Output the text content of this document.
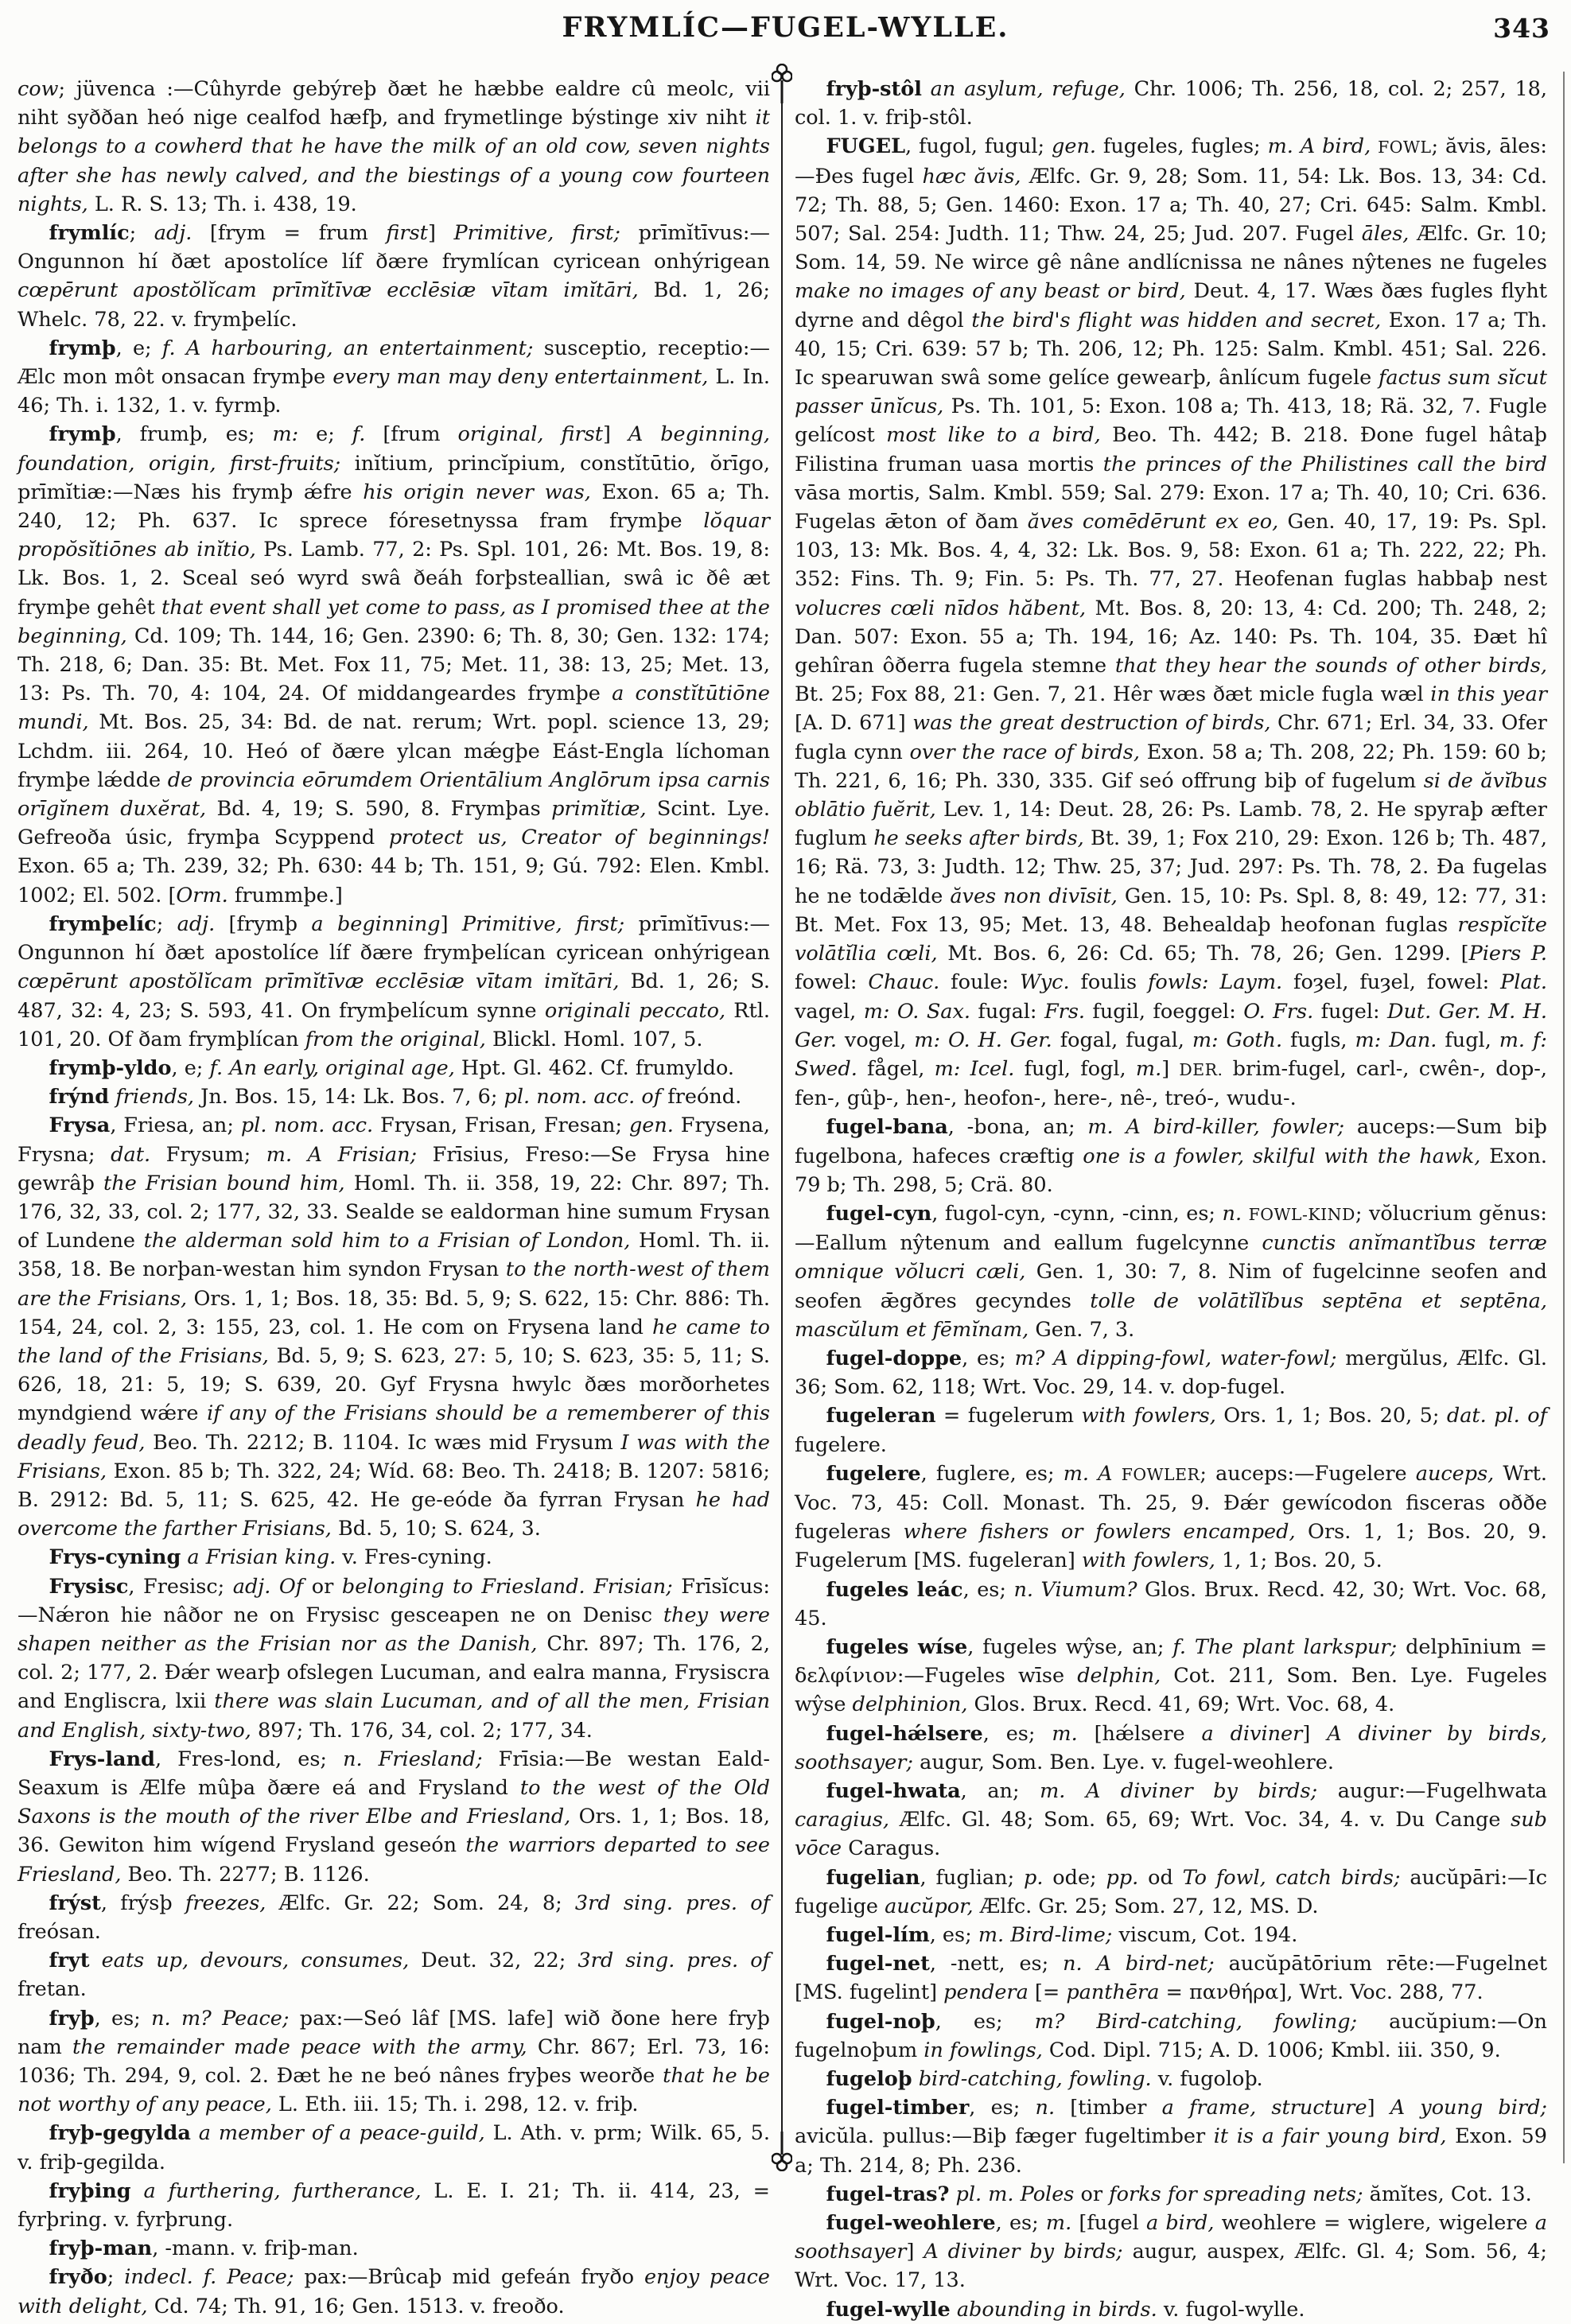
FRYMLÍC—FUGEL-WYLLE.	343

cow; jüvenca :—Cûhyrde gebýreþ ðæt he hæbbe ealdre cû meolc, vii niht syððan heó nige cealfod hæfþ, and frymetlinge býstinge xiv niht it belongs to a cowherd that he have the milk of an old cow, seven nights after she has newly calved, and the biestings of a young cow fourteen nights, L. R. S. 13; Th. i. 438, 19.

frymlíc; adj. [frym = frum first] Primitive, first; prīmĭtīvus:—Ongunnon hí ðæt apostolíce líf ðære frymlícan cyricean onhýrigean cœpērunt apostŏlĭcam prīmĭtīvæ ecclēsiæ vītam imĭtāri, Bd. 1, 26; Whelc. 78, 22. v. frymþelíc.

frymþ, e; f. A harbouring, an entertainment; susceptio, receptio:—Ælc mon môt onsacan frymþe every man may deny entertainment, L. In. 46; Th. i. 132, 1. v. fyrmþ.

frymþ, frumþ, es; m: e; f. [frum original, first] A beginning, foundation, origin, first-fruits; inĭtium, princĭpium, constĭtūtio, ŏrīgo, prīmĭtiæ:—Næs his frymþ ǽfre his origin never was, Exon. 65 a; Th. 240, 12; Ph. 637. Ic sprece fóresetnyssa fram frymþe lŏquar propŏsĭtiōnes ab inĭtio, Ps. Lamb. 77, 2: Ps. Spl. 101, 26: Mt. Bos. 19, 8: Lk. Bos. 1, 2. Sceal seó wyrd swâ ðeáh forþsteallian, swâ ic ðê æt frymþe gehêt that event shall yet come to pass, as I promised thee at the beginning, Cd. 109; Th. 144, 16; Gen. 2390: 6; Th. 8, 30; Gen. 132: 174; Th. 218, 6; Dan. 35: Bt. Met. Fox 11, 75; Met. 11, 38: 13, 25; Met. 13, 13: Ps. Th. 70, 4: 104, 24. Of middangeardes frymþe a constĭtūtiōne mundi, Mt. Bos. 25, 34: Bd. de nat. rerum; Wrt. popl. science 13, 29; Lchdm. iii. 264, 10. Heó of ðære ylcan mǽgþe Eást-Engla líchoman frymþe lǽdde de provincia eōrumdem Orientālium Anglōrum ipsa carnis orīgĭnem duxĕrat, Bd. 4, 19; S. 590, 8. Frymþas primĭtiæ, Scint. Lye. Gefreoða úsic, frymþa Scyppend protect us, Creator of beginnings! Exon. 65 a; Th. 239, 32; Ph. 630: 44 b; Th. 151, 9; Gú. 792: Elen. Kmbl. 1002; El. 502. [Orm. frummþe.]

frymþelíc; adj. [frymþ a beginning] Primitive, first; prīmĭtīvus:—Ongunnon hí ðæt apostolíce líf ðære frymþelícan cyricean onhýrigean cœpērunt apostŏlĭcam prīmĭtīvæ ecclēsiæ vītam imĭtāri, Bd. 1, 26; S. 487, 32: 4, 23; S. 593, 41. On frymþelícum synne originali peccato, Rtl. 101, 20. Of ðam frymþlícan from the original, Blickl. Homl. 107, 5.

frymþ-yldo, e; f. An early, original age, Hpt. Gl. 462. Cf. frumyldo.

frýnd friends, Jn. Bos. 15, 14: Lk. Bos. 7, 6; pl. nom. acc. of freónd.

Frysa, Friesa, an; pl. nom. acc. Frysan, Frisan, Fresan; gen. Frysena, Frysna; dat. Frysum; m. A Frisian; Frīsius, Freso:—Se Frysa hine gewrâþ the Frisian bound him, Homl. Th. ii. 358, 19, 22: Chr. 897; Th. 176, 32, 33, col. 2; 177, 32, 33. Sealde se ealdorman hine sumum Frysan of Lundene the alderman sold him to a Frisian of London, Homl. Th. ii. 358, 18. Be norþan-westan him syndon Frysan to the north-west of them are the Frisians, Ors. 1, 1; Bos. 18, 35: Bd. 5, 9; S. 622, 15: Chr. 886: Th. 154, 24, col. 2, 3: 155, 23, col. 1. He com on Frysena land he came to the land of the Frisians, Bd. 5, 9; S. 623, 27: 5, 10; S. 623, 35: 5, 11; S. 626, 18, 21: 5, 19; S. 639, 20. Gyf Frysna hwylc ðæs morðorhetes myndgiend wǽre if any of the Frisians should be a rememberer of this deadly feud, Beo. Th. 2212; B. 1104. Ic wæs mid Frysum I was with the Frisians, Exon. 85 b; Th. 322, 24; Wíd. 68: Beo. Th. 2418; B. 1207: 5816; B. 2912: Bd. 5, 11; S. 625, 42. He ge-eóde ða fyrran Frysan he had overcome the farther Frisians, Bd. 5, 10; S. 624, 3.

Frys-cyning a Frisian king. v. Fres-cyning.

Frysisc, Fresisc; adj. Of or belonging to Friesland. Frisian; Frīsĭcus:—Nǽron hie nâðor ne on Frysisc gesceapen ne on Denisc they were shapen neither as the Frisian nor as the Danish, Chr. 897; Th. 176, 2, col. 2; 177, 2. Ðǽr wearþ ofslegen Lucuman, and ealra manna, Frysiscra and Engliscra, lxii there was slain Lucuman, and of all the men, Frisian and English, sixty-two, 897; Th. 176, 34, col. 2; 177, 34.

Frys-land, Fres-lond, es; n. Friesland; Frīsia:—Be westan Eald-Seaxum is Ælfe mûþa ðære eá and Frysland to the west of the Old Saxons is the mouth of the river Elbe and Friesland, Ors. 1, 1; Bos. 18, 36. Gewiton him wígend Frysland geseón the warriors departed to see Friesland, Beo. Th. 2277; B. 1126.

frýst, frýsþ freezes, Ælfc. Gr. 22; Som. 24, 8; 3rd sing. pres. of freósan.

fryt eats up, devours, consumes, Deut. 32, 22; 3rd sing. pres. of fretan.

fryþ, es; n. m? Peace; pax:—Seó lâf [MS. lafe] wið ðone here fryþ nam the remainder made peace with the army, Chr. 867; Erl. 73, 16: 1036; Th. 294, 9, col. 2. Ðæt he ne beó nânes fryþes weorðe that he be not worthy of any peace, L. Eth. iii. 15; Th. i. 298, 12. v. friþ.

fryþ-gegylda a member of a peace-guild, L. Ath. v. prm; Wilk. 65, 5. v. friþ-gegilda.

fryþing a furthering, furtherance, L. E. I. 21; Th. ii. 414, 23, = fyrþring. v. fyrþrung.

fryþ-man, -mann. v. friþ-man.

fryðo; indecl. f. Peace; pax:—Brûcaþ mid gefeán fryðo enjoy peace with delight, Cd. 74; Th. 91, 16; Gen. 1513. v. freoðo.

fryþ-stôl an asylum, refuge, Chr. 1006; Th. 256, 18, col. 2; 257, 18, col. 1. v. friþ-stôl.

FUGEL, fugol, fugul; gen. fugeles, fugles; m. A bird, FOWL; ăvis, āles:—Ðes fugel hæc ăvis, Ælfc. Gr. 9, 28; Som. 11, 54: Lk. Bos. 13, 34: Cd. 72; Th. 88, 5; Gen. 1460: Exon. 17 a; Th. 40, 27; Cri. 645: Salm. Kmbl. 507; Sal. 254: Judth. 11; Thw. 24, 25; Jud. 207. Fugel āles, Ælfc. Gr. 10; Som. 14, 59. Ne wirce gê nâne andlícnissa ne nânes nŷtenes ne fugeles make no images of any beast or bird, Deut. 4, 17. Wæs ðæs fugles flyht dyrne and dêgol the bird's flight was hidden and secret, Exon. 17 a; Th. 40, 15; Cri. 639: 57 b; Th. 206, 12; Ph. 125: Salm. Kmbl. 451; Sal. 226. Ic spearuwan swâ some gelíce gewearþ, ânlícum fugele factus sum sĭcut passer ūnĭcus, Ps. Th. 101, 5: Exon. 108 a; Th. 413, 18; Rä. 32, 7. Fugle gelícost most like to a bird, Beo. Th. 442; B. 218. Ðone fugel hâtaþ Filistina fruman uasa mortis the princes of the Philistines call the bird vāsa mortis, Salm. Kmbl. 559; Sal. 279: Exon. 17 a; Th. 40, 10; Cri. 636. Fugelas ǣton of ðam ăves comēdērunt ex eo, Gen. 40, 17, 19: Ps. Spl. 103, 13: Mk. Bos. 4, 4, 32: Lk. Bos. 9, 58: Exon. 61 a; Th. 222, 22; Ph. 352: Fins. Th. 9; Fin. 5: Ps. Th. 77, 27. Heofenan fuglas habbaþ nest volucres cœli nīdos hăbent, Mt. Bos. 8, 20: 13, 4: Cd. 200; Th. 248, 2; Dan. 507: Exon. 55 a; Th. 194, 16; Az. 140: Ps. Th. 104, 35. Ðæt hî gehîran ôðerra fugela stemne that they hear the sounds of other birds, Bt. 25; Fox 88, 21: Gen. 7, 21. Hêr wæs ðæt micle fugla wæl in this year [A. D. 671] was the great destruction of birds, Chr. 671; Erl. 34, 33. Ofer fugla cynn over the race of birds, Exon. 58 a; Th. 208, 22; Ph. 159: 60 b; Th. 221, 6, 16; Ph. 330, 335. Gif seó offrung biþ of fugelum si de ăvĭbus oblātio fuĕrit, Lev. 1, 14: Deut. 28, 26: Ps. Lamb. 78, 2. He spyraþ æfter fuglum he seeks after birds, Bt. 39, 1; Fox 210, 29: Exon. 126 b; Th. 487, 16; Rä. 73, 3: Judth. 12; Thw. 25, 37; Jud. 297: Ps. Th. 78, 2. Ða fugelas he ne todǣlde ăves non divīsit, Gen. 15, 10: Ps. Spl. 8, 8: 49, 12: 77, 31: Bt. Met. Fox 13, 95; Met. 13, 48. Behealdaþ heofonan fuglas respĭcĭte volātĭlia cœli, Mt. Bos. 6, 26: Cd. 65; Th. 78, 26; Gen. 1299. [Piers P. fowel: Chauc. foule: Wyc. foulis fowls: Laym. foȝel, fuȝel, fowel: Plat. vagel, m: O. Sax. fugal: Frs. fugil, foeggel: O. Frs. fugel: Dut. Ger. M. H. Ger. vogel, m: O. H. Ger. fogal, fugal, m: Goth. fugls, m: Dan. fugl, m. f: Swed. fågel, m: Icel. fugl, fogl, m.] DER. brim-fugel, carl-, cwên-, dop-, fen-, gûþ-, hen-, heofon-, here-, nê-, treó-, wudu-.

fugel-bana, -bona, an; m. A bird-killer, fowler; auceps:—Sum biþ fugelbona, hafeces cræftig one is a fowler, skilful with the hawk, Exon. 79 b; Th. 298, 5; Crä. 80.

fugel-cyn, fugol-cyn, -cynn, -cinn, es; n. FOWL-KIND; vŏlucrium gĕnus:—Eallum nŷtenum and eallum fugelcynne cunctis anĭmantĭbus terræ omnique vŏlucri cæli, Gen. 1, 30: 7, 8. Nim of fugelcinne seofen and seofen ǣgðres gecyndes tolle de volātĭlĭbus septēna et septēna, mascŭlum et fēmĭnam, Gen. 7, 3.

fugel-doppe, es; m? A dipping-fowl, water-fowl; mergŭlus, Ælfc. Gl. 36; Som. 62, 118; Wrt. Voc. 29, 14. v. dop-fugel.

fugeleran = fugelerum with fowlers, Ors. 1, 1; Bos. 20, 5; dat. pl. of fugelere.

fugelere, fuglere, es; m. A FOWLER; auceps:—Fugelere auceps, Wrt. Voc. 73, 45: Coll. Monast. Th. 25, 9. Ðǽr gewícodon fisceras oððe fugeleras where fishers or fowlers encamped, Ors. 1, 1; Bos. 20, 9. Fugelerum [MS. fugeleran] with fowlers, 1, 1; Bos. 20, 5.

fugeles leác, es; n. Viumum? Glos. Brux. Recd. 42, 30; Wrt. Voc. 68, 45.

fugeles wíse, fugeles wŷse, an; f. The plant larkspur; delphīnium = δελφίνιον:—Fugeles wīse delphin, Cot. 211, Som. Ben. Lye. Fugeles wŷse delphinion, Glos. Brux. Recd. 41, 69; Wrt. Voc. 68, 4.

fugel-hǽlsere, es; m. [hǽlsere a diviner] A diviner by birds, soothsayer; augur, Som. Ben. Lye. v. fugel-weohlere.

fugel-hwata, an; m. A diviner by birds; augur:—Fugelhwata caragius, Ælfc. Gl. 48; Som. 65, 69; Wrt. Voc. 34, 4. v. Du Cange sub vōce Caragus.

fugelian, fuglian; p. ode; pp. od To fowl, catch birds; aucŭpāri:—Ic fugelige aucŭpor, Ælfc. Gr. 25; Som. 27, 12, MS. D.

fugel-lím, es; m. Bird-lime; viscum, Cot. 194.

fugel-net, -nett, es; n. A bird-net; aucŭpātōrium rēte:—Fugelnet [MS. fugelint] pendera [= panthēra = πανθήρα], Wrt. Voc. 288, 77.

fugel-noþ, es; m? Bird-catching, fowling; aucŭpium:—On fugelnoþum in fowlings, Cod. Dipl. 715; A. D. 1006; Kmbl. iii. 350, 9.

fugeloþ bird-catching, fowling. v. fugoloþ.

fugel-timber, es; n. [timber a frame, structure] A young bird; avicŭla. pullus:—Biþ fæger fugeltimber it is a fair young bird, Exon. 59 a; Th. 214, 8; Ph. 236.

fugel-tras? pl. m. Poles or forks for spreading nets; ămĭtes, Cot. 13.

fugel-weohlere, es; m. [fugel a bird, weohlere = wiglere, wigelere a soothsayer] A diviner by birds; augur, auspex, Ælfc. Gl. 4; Som. 56, 4; Wrt. Voc. 17, 13.

fugel-wylle abounding in birds. v. fugol-wylle.
